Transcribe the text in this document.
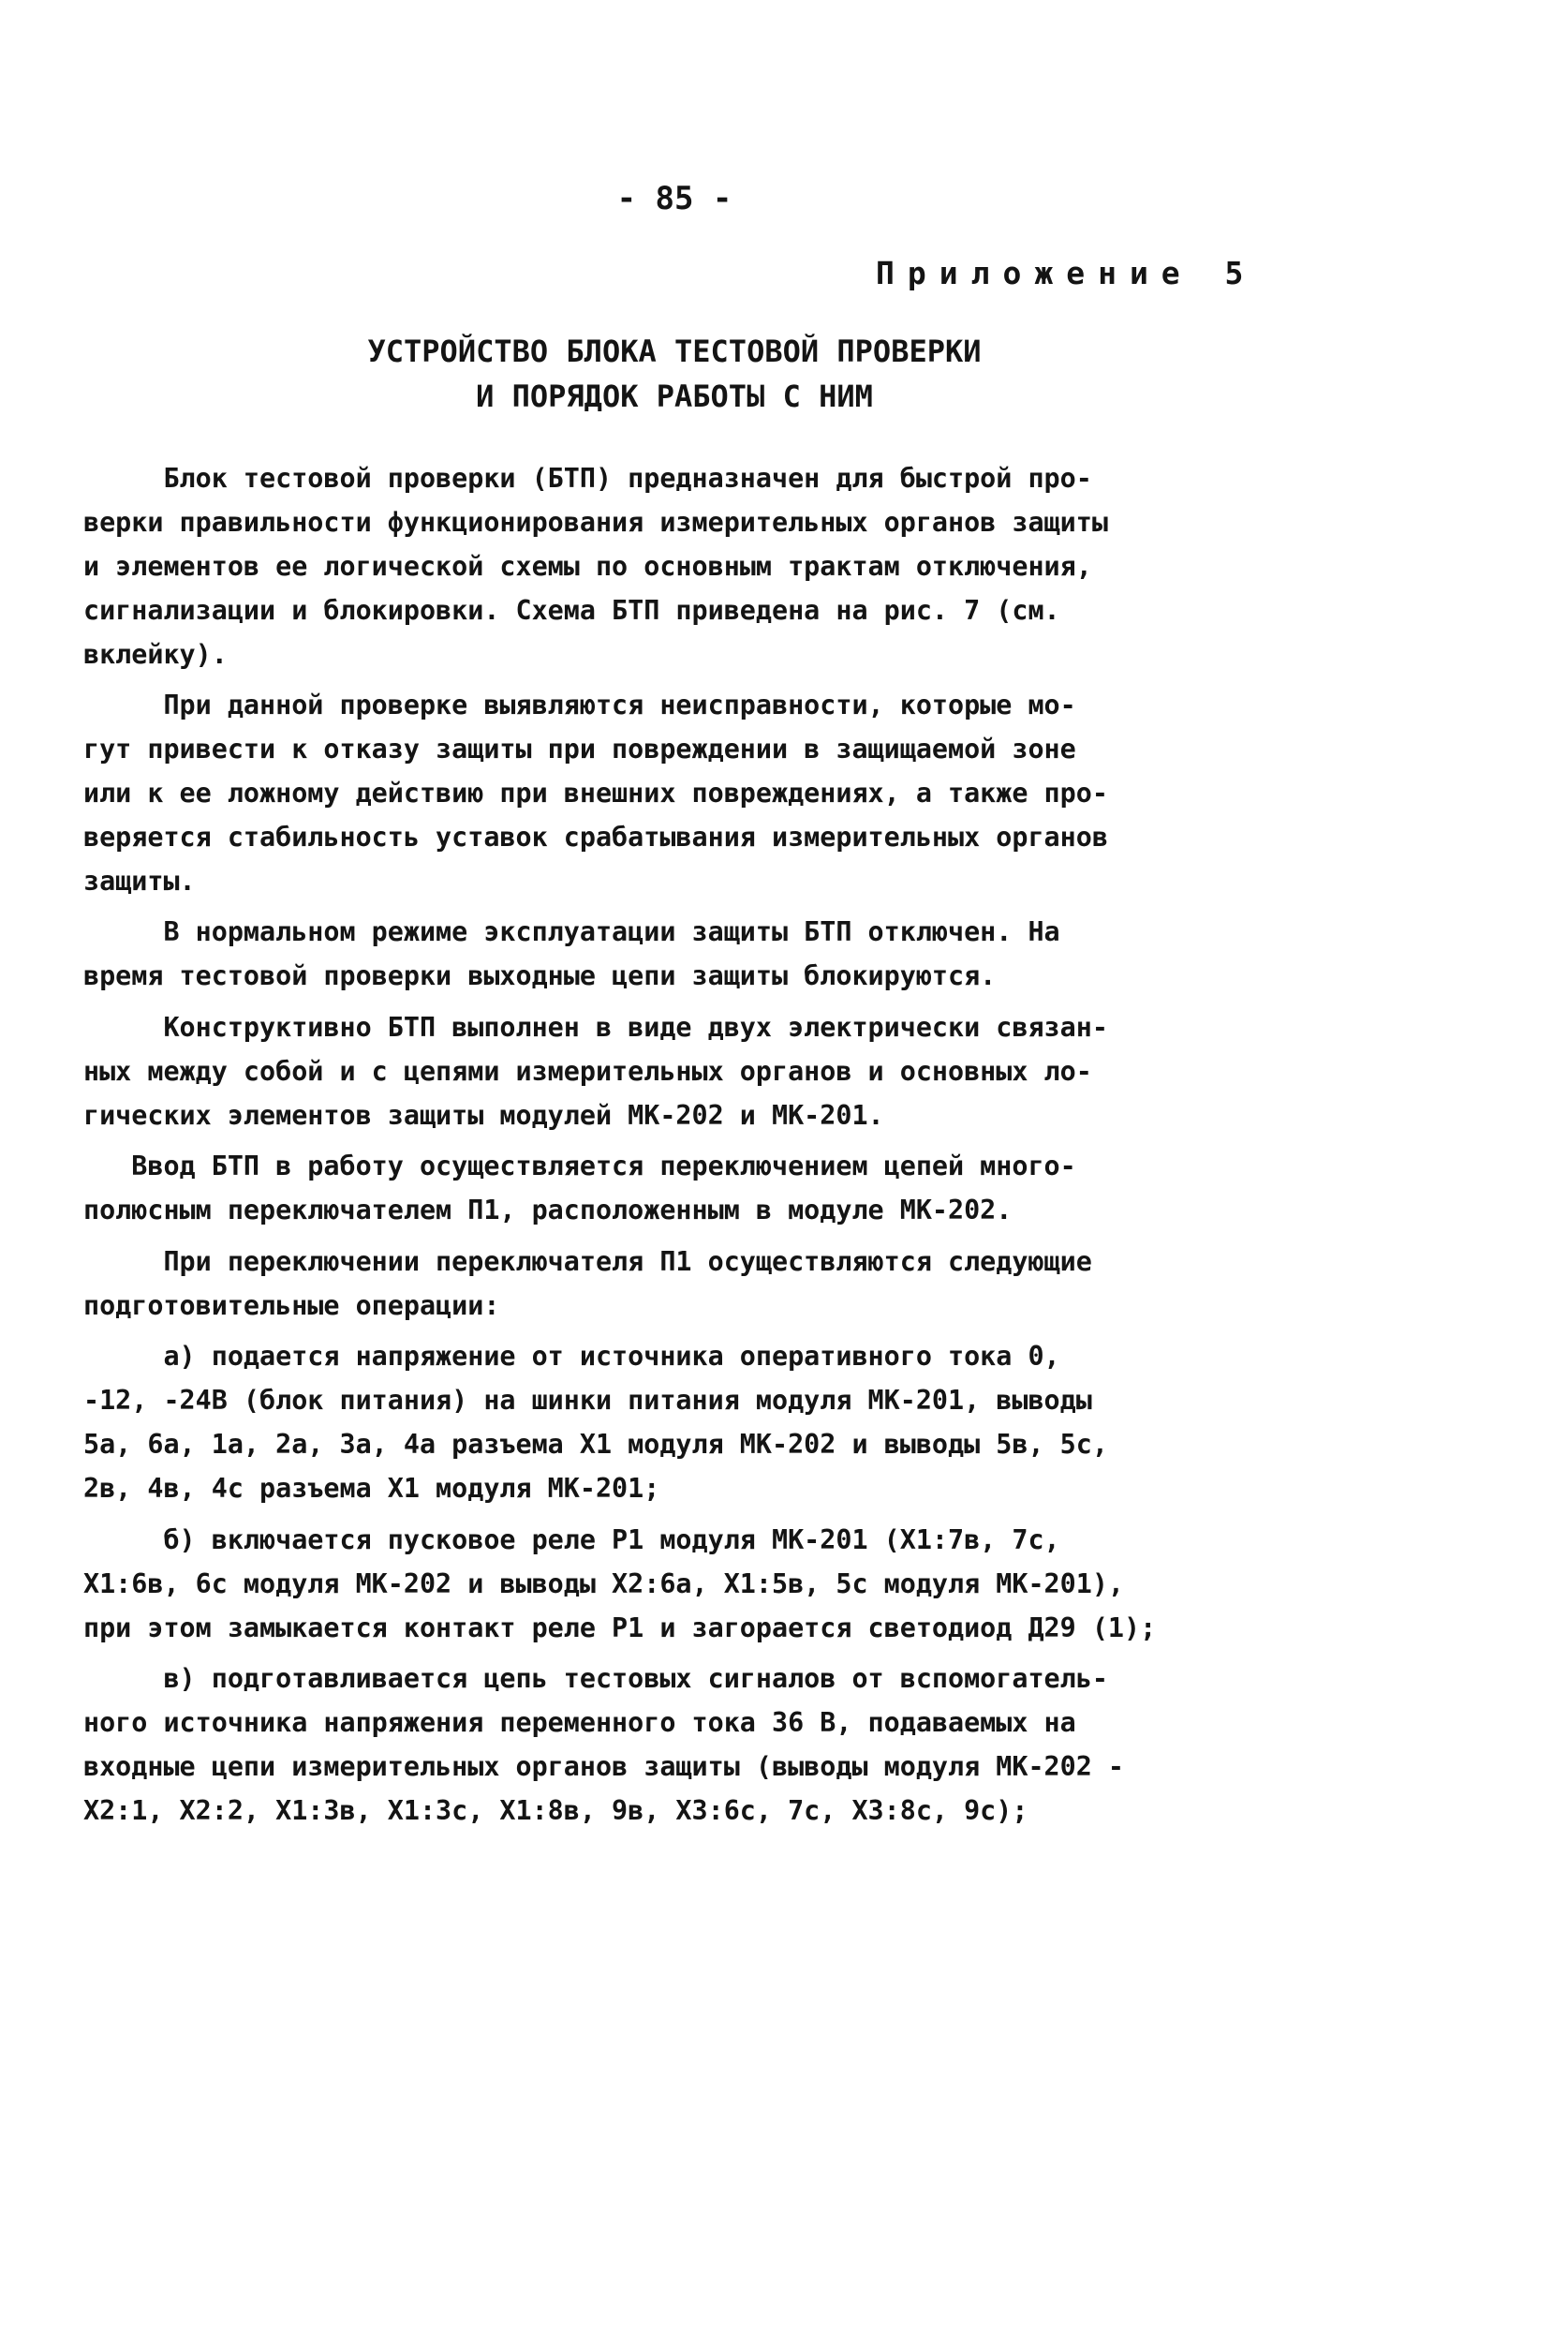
- 85 -
Приложение 5
УСТРОЙСТВО БЛОКА ТЕСТОВОЙ ПРОВЕРКИ
И ПОРЯДОК РАБОТЫ С НИМ
Блок тестовой проверки (БТП) предназначен для быстрой про-
верки правильности функционирования измерительных органов защиты
и элементов ее логической схемы по основным трактам отключения,
сигнализации и блокировки. Схема БТП приведена на рис. 7 (см.
вклейку).
При данной проверке выявляются неисправности, которые мо-
гут привести к отказу защиты при повреждении в защищаемой зоне
или к ее ложному действию при внешних повреждениях, а также про-
веряется стабильность уставок срабатывания измерительных органов
защиты.
В нормальном режиме эксплуатации защиты БТП отключен. На
время тестовой проверки выходные цепи защиты блокируются.
Конструктивно БТП выполнен в виде двух электрически связан-
ных между собой и с цепями измерительных органов и основных ло-
гических элементов защиты модулей МК-202 и МК-201.
Ввод БТП в работу осуществляется переключением цепей много-
полюсным переключателем П1, расположенным в модуле МК-202.
При переключении переключателя П1 осуществляются следующие
подготовительные операции:
а) подается напряжение от источника оперативного тока 0,
-12, -24В (блок питания) на шинки питания модуля МК-201, выводы
5а, 6а, 1а, 2а, 3а, 4а разъема Х1 модуля МК-202 и выводы 5в, 5с,
2в, 4в, 4с разъема Х1 модуля МК-201;
б) включается пусковое реле Р1 модуля МК-201 (Х1:7в, 7с,
Х1:6в, 6с модуля МК-202 и выводы Х2:6а, Х1:5в, 5с модуля МК-201),
при этом замыкается контакт реле Р1 и загорается светодиод Д29 (1);
в) подготавливается цепь тестовых сигналов от вспомогатель-
ного источника напряжения переменного тока 36 В, подаваемых на
входные цепи измерительных органов защиты (выводы модуля МК-202 -
Х2:1, Х2:2, Х1:3в, Х1:3с, Х1:8в, 9в, Х3:6с, 7с, Х3:8с, 9с);
